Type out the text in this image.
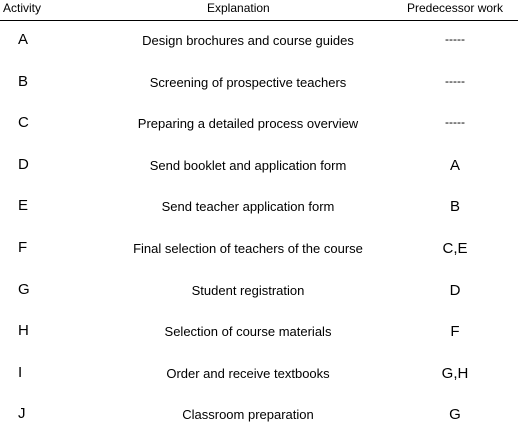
Activity	Explanation	Predecessor work
A	Design brochures and course guides	-----
B	Screening of prospective teachers	-----
C	Preparing a detailed process overview	-----
D	Send booklet and application form	A
E	Send teacher application form	B
F	Final selection of teachers of the course	C,E
G	Student registration	D
H	Selection of course materials	F
I	Order and receive textbooks	G,H
J	Classroom preparation	G
